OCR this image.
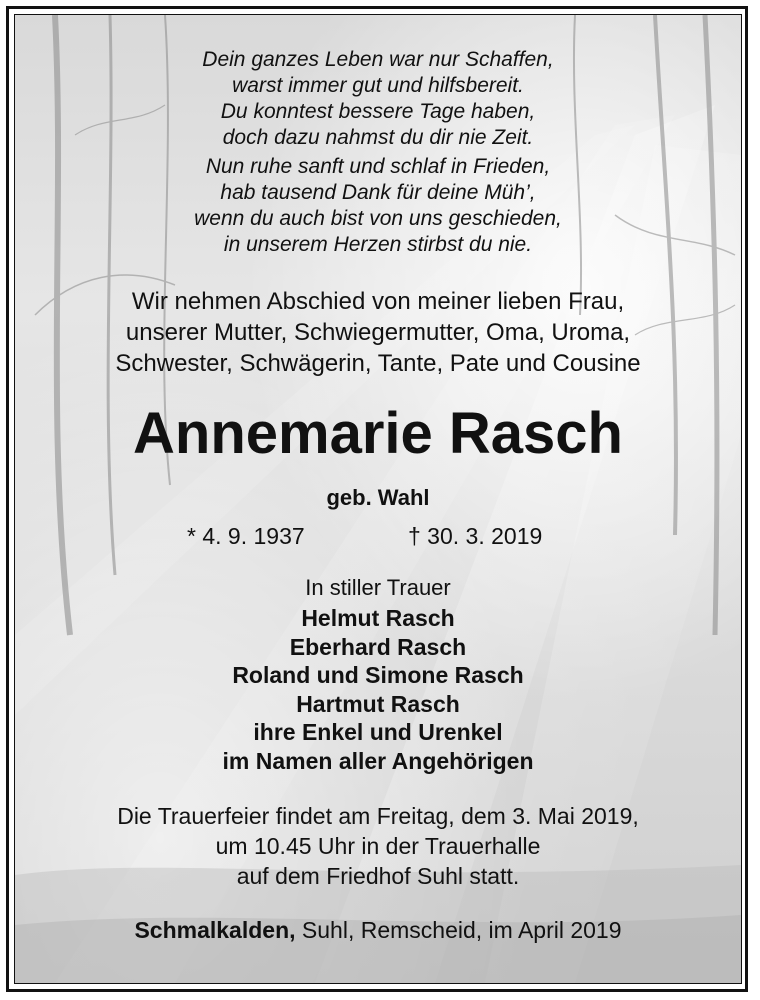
Dein ganzes Leben war nur Schaffen,
warst immer gut und hilfsbereit.
Du konntest bessere Tage haben,
doch dazu nahmst du dir nie Zeit.
Nun ruhe sanft und schlaf in Frieden,
hab tausend Dank für deine Müh’,
wenn du auch bist von uns geschieden,
in unserem Herzen stirbst du nie.
Wir nehmen Abschied von meiner lieben Frau,
unserer Mutter, Schwiegermutter, Oma, Uroma,
Schwester, Schwägerin, Tante, Pate und Cousine
Annemarie Rasch
geb. Wahl
* 4. 9. 1937	† 30. 3. 2019
In stiller Trauer
Helmut Rasch
Eberhard Rasch
Roland und Simone Rasch
Hartmut Rasch
ihre Enkel und Urenkel
im Namen aller Angehörigen
Die Trauerfeier findet am Freitag, dem 3. Mai 2019,
um 10.45 Uhr in der Trauerhalle
auf dem Friedhof Suhl statt.
Schmalkalden, Suhl, Remscheid, im April 2019
